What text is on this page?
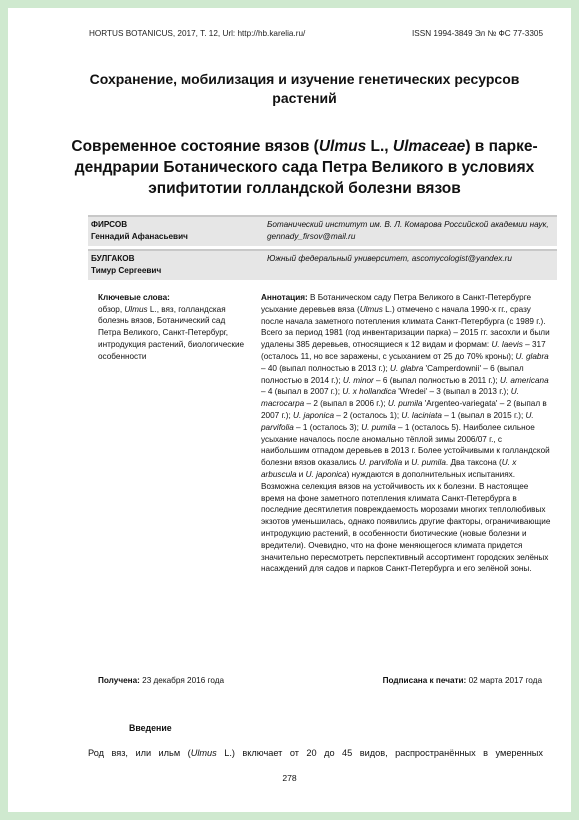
HORTUS BOTANICUS, 2017, Т. 12, Url: http://hb.karelia.ru/	ISSN 1994-3849 Эл № ФС 77-3305
Сохранение, мобилизация и изучение генетических ресурсов растений
Современное состояние вязов (Ulmus L., Ulmaceae) в парке-дендрарии Ботанического сада Петра Великого в условиях эпифитотии голландской болезни вязов
ФИРСОВ
Геннадий Афанасьевич
Ботанический институт им. В. Л. Комарова Российской академии наук, gennady_firsov@mail.ru
БУЛГАКОВ
Тимур Сергеевич
Южный федеральный университет, ascomycologist@yandex.ru
Ключевые слова:
обзор, Ulmus L., вяз, голландская болезнь вязов, Ботанический сад Петра Великого, Санкт-Петербург, интродукция растений, биологические особенности
Аннотация: В Ботаническом саду Петра Великого в Санкт-Петербурге усыхание деревьев вяза (Ulmus L.) отмечено с начала 1990-х гг., сразу после начала заметного потепления климата Санкт-Петербурга (с 1989 г.). Всего за период 1981 (год инвентаризации парка) – 2015 гг. засохли и были удалены 385 деревьев, относящиеся к 12 видам и формам: U. laevis – 317 (осталось 11, но все заражены, с усыханием от 25 до 70% кроны); U. glabra – 40 (выпал полностью в 2013 г.); U. glabra 'Camperdownii' – 6 (выпал полностью в 2014 г.); U. minor – 6 (выпал полностью в 2011 г.); U. americana – 4 (выпал в 2007 г.); U. x hollandica 'Wredei' – 3 (выпал в 2013 г.); U. macrocarpa – 2 (выпал в 2006 г.); U. pumila 'Argenteo-variegata' – 2 (выпал в 2007 г.); U. japonica – 2 (осталось 1); U. laciniata – 1 (выпал в 2015 г.); U. parvifolia – 1 (осталось 3); U. pumila – 1 (осталось 5). Наиболее сильное усыхание началось после аномально тёплой зимы 2006/07 г., с наибольшим отпадом деревьев в 2013 г. Более устойчивыми к голландской болезни вязов оказались U. parvifolia и U. pumila. Два таксона (U. x arbuscula и U. japonica) нуждаются в дополнительных испытаниях. Возможна селекция вязов на устойчивость их к болезни. В настоящее время на фоне заметного потепления климата Санкт-Петербурга в последние десятилетия повреждаемость морозами многих теплолюбивых экзотов уменьшилась, однако появились другие факторы, ограничивающие интродукцию растений, в особенности биотические (новые болезни и вредители). Очевидно, что на фоне меняющегося климата придется значительно пересмотреть перспективный ассортимент городских зелёных насаждений для садов и парков Санкт-Петербурга и его зелёной зоны.
Получена: 23 декабря 2016 года	Подписана к печати: 02 марта 2017 года
Введение
Род вяз, или ильм (Ulmus L.) включает от 20 до 45 видов, распространённых в умеренных
278
